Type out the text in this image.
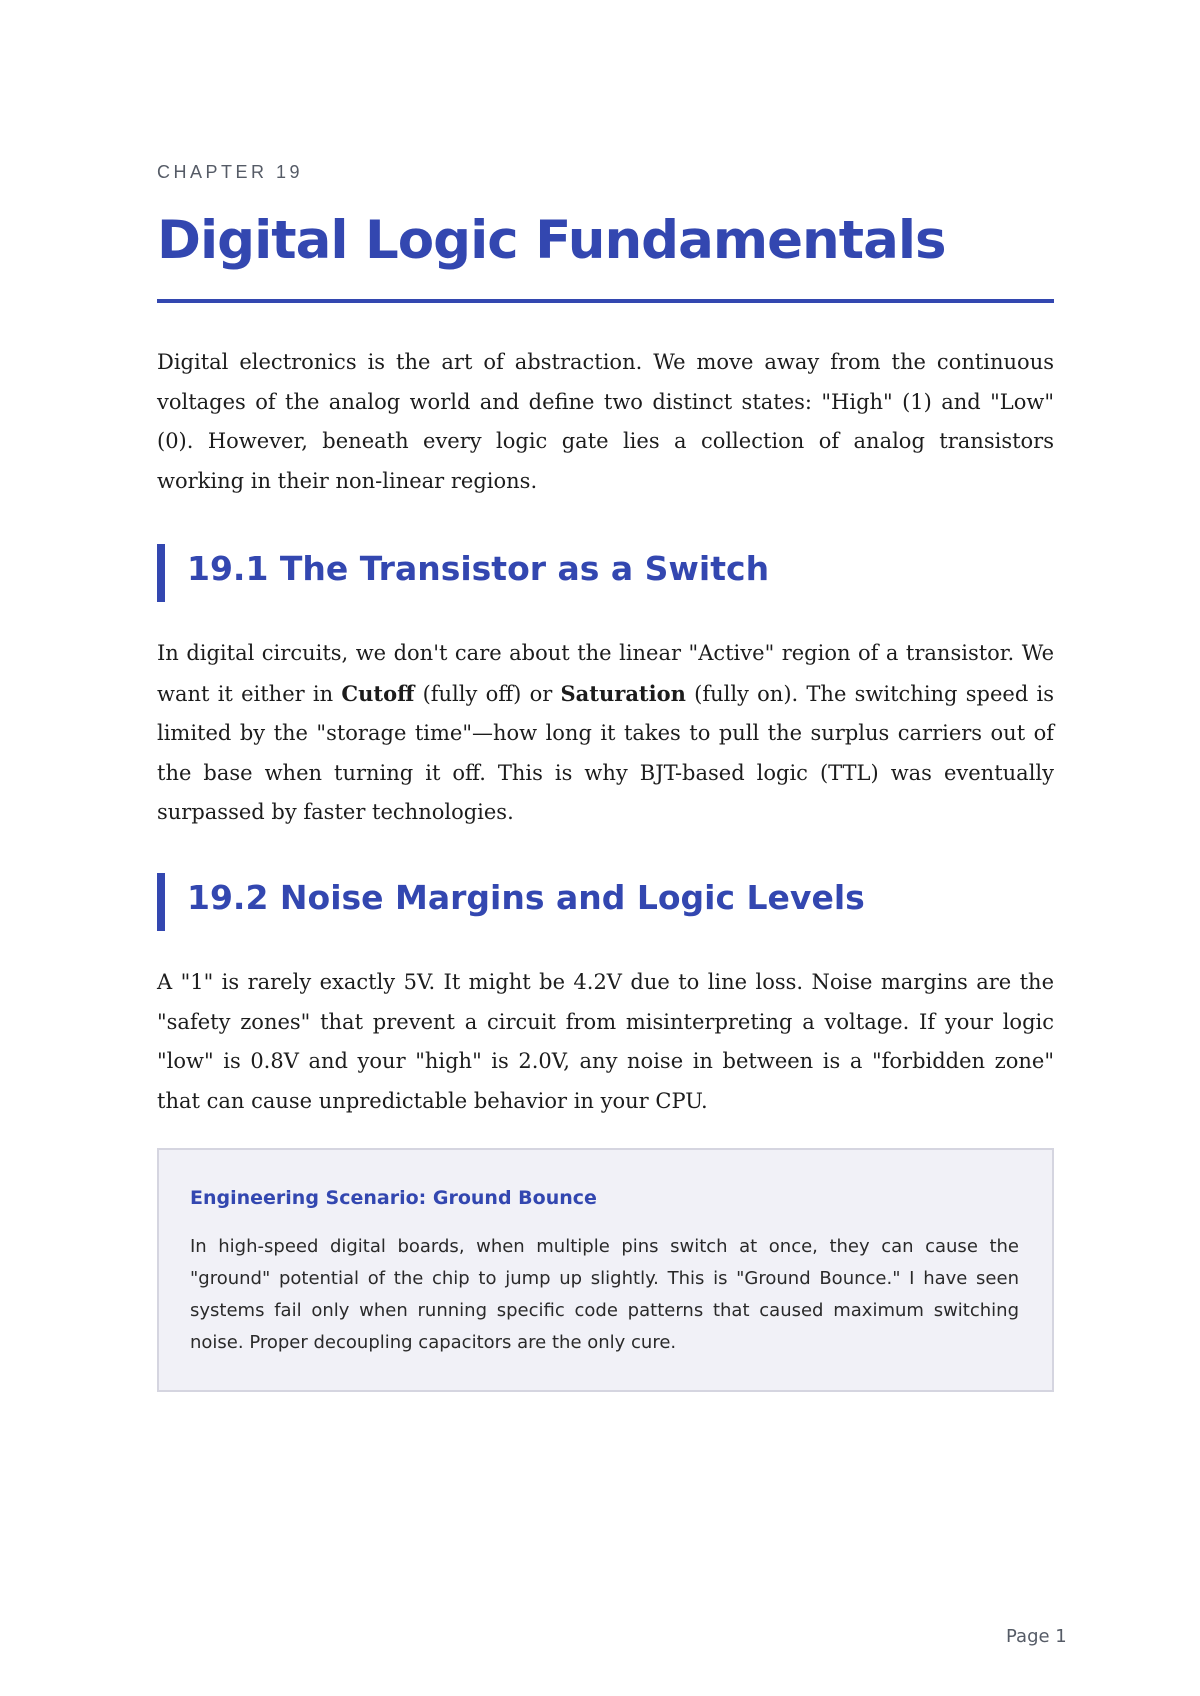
CHAPTER 19
Digital Logic Fundamentals

Digital electronics is the art of abstraction. We move away from the continuous voltages of the analog world and define two distinct states: "High" (1) and "Low" (0). However, beneath every logic gate lies a collection of analog transistors working in their non-linear regions.

19.1 The Transistor as a Switch

In digital circuits, we don't care about the linear "Active" region of a transistor. We want it either in Cutoff (fully off) or Saturation (fully on). The switching speed is limited by the "storage time"—how long it takes to pull the surplus carriers out of the base when turning it off. This is why BJT-based logic (TTL) was eventually surpassed by faster technologies.

19.2 Noise Margins and Logic Levels

A "1" is rarely exactly 5V. It might be 4.2V due to line loss. Noise margins are the "safety zones" that prevent a circuit from misinterpreting a voltage. If your logic "low" is 0.8V and your "high" is 2.0V, any noise in between is a "forbidden zone" that can cause unpredictable behavior in your CPU.

Engineering Scenario: Ground Bounce

In high-speed digital boards, when multiple pins switch at once, they can cause the "ground" potential of the chip to jump up slightly. This is "Ground Bounce." I have seen systems fail only when running specific code patterns that caused maximum switching noise. Proper decoupling capacitors are the only cure.

Page 1
